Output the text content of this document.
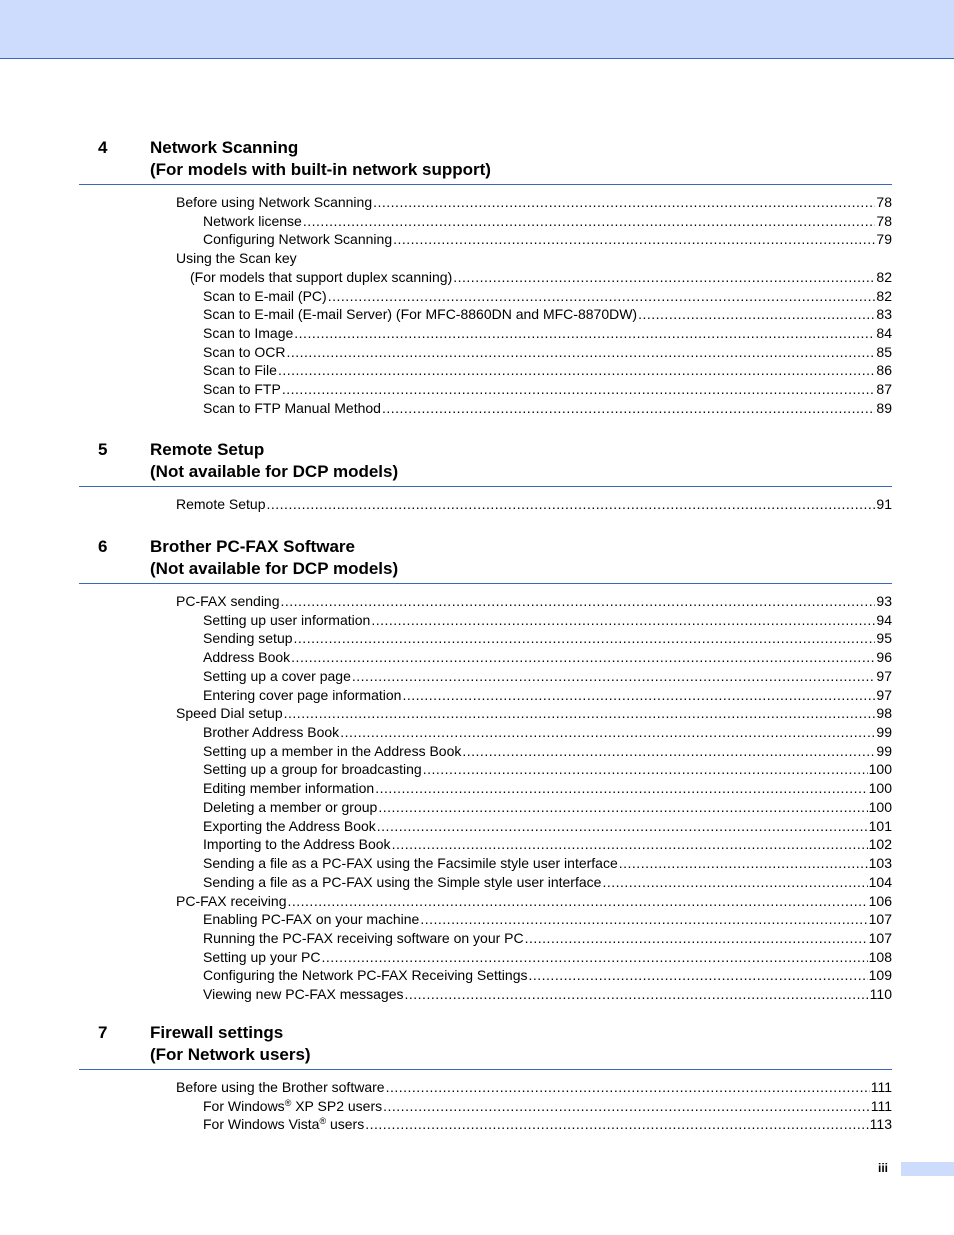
4	Network Scanning
(For models with built-in network support)
Before using Network Scanning .....	78
Network license .....	78
Configuring Network Scanning .....	79
Using the Scan key
(For models that support duplex scanning) .....	82
Scan to E-mail (PC) .....	82
Scan to E-mail (E-mail Server) (For MFC-8860DN and MFC-8870DW) .....	83
Scan to Image .....	84
Scan to OCR .....	85
Scan to File .....	86
Scan to FTP .....	87
Scan to FTP Manual Method .....	89
5	Remote Setup
(Not available for DCP models)
Remote Setup .....	91
6	Brother PC-FAX Software
(Not available for DCP models)
PC-FAX sending .....	93
Setting up user information .....	94
Sending setup .....	95
Address Book .....	96
Setting up a cover page .....	97
Entering cover page information .....	97
Speed Dial setup .....	98
Brother Address Book .....	99
Setting up a member in the Address Book .....	99
Setting up a group for broadcasting .....	100
Editing member information .....	100
Deleting a member or group .....	100
Exporting the Address Book .....	101
Importing to the Address Book .....	102
Sending a file as a PC-FAX using the Facsimile style user interface .....	103
Sending a file as a PC-FAX using the Simple style user interface .....	104
PC-FAX receiving .....	106
Enabling PC-FAX on your machine .....	107
Running the PC-FAX receiving software on your PC .....	107
Setting up your PC .....	108
Configuring the Network PC-FAX Receiving Settings .....	109
Viewing new PC-FAX messages .....	110
7	Firewall settings
(For Network users)
Before using the Brother software .....	111
For Windows® XP SP2 users .....	111
For Windows Vista® users .....	113
iii
